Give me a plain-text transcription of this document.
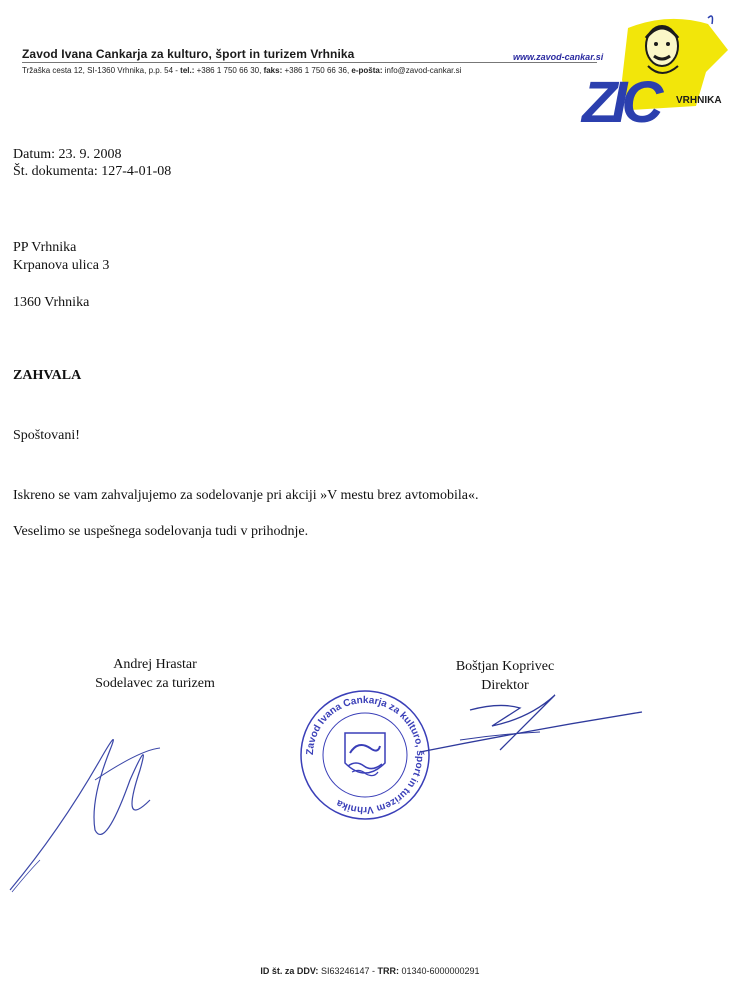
Zavod Ivana Cankarja za kulturo, šport in turizem Vrhnika	www.zavod-cankar.si
Tržaška cesta 12, SI-1360 Vrhnika, p.p. 54 - tel.: +386 1 750 66 30, faks: +386 1 750 66 36, e-pošta: info@zavod-cankar.si ZIC	VRHNIKA
Datum: 23. 9. 2008
Št. dokumenta: 127-4-01-08
PP Vrhnika
Krpanova ulica 3
1360 Vrhnika
ZAHVALA
Spoštovani!
Iskreno se vam zahvaljujemo za sodelovanje pri akciji »V mestu brez avtomobila«.
Veselimo se uspešnega sodelovanja tudi v prihodnje.
Andrej Hrastar
Sodelavec za turizem
Boštjan Koprivec
Direktor
Zavod Ivana Cankarja za kulturo, šport in turizem Vrhnika
ID št. za DDV: SI63246147 - TRR: 01340-6000000291
